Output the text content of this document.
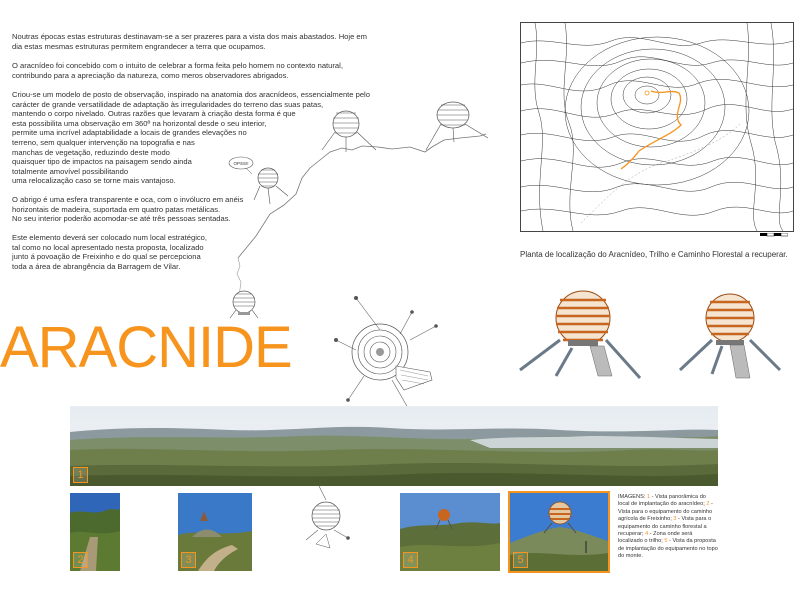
Noutras épocas estas estruturas destinavam-se a ser prazeres para a vista dos mais abastados. Hoje em
dia estas mesmas estruturas permitem engrandecer a terra que ocupamos.
O aracnídeo foi concebido com o intuito de celebrar a forma feita pelo homem no contexto natural,
contribundo para a apreciação da natureza, como meros observadores abrigados.
Criou-se um modelo de posto de observação, inspirado na anatomia dos aracnídeos, essencialmente pelo
carácter de grande versatilidade de adaptação às irregularidades do terreno das suas patas,
mantendo o corpo nivelado. Outras razões que levaram à criação desta forma é que
esta possibilita uma observação em 360º na horizontal desde o seu interior,
permite uma incrível adaptabilidade a locais de grandes elevações no
terreno, sem qualquer intervenção na topografia e nas
manchas de vegetação, reduzindo deste modo
quaisquer tipo de impactos na paisagem sendo ainda
totalmente amovível possibilitando
uma relocalização caso se torne mais vantajoso.
O abrigo é uma esfera transparente e oca, com o invólucro em anéis
horizontais de madeira, suportada em quatro patas metálicas.
No seu interior poderão acomodar-se até três pessoas sentadas.
Este elemento deverá ser colocado num local estratégico,
tal como no local apresentado nesta proposta, localizado
junto á povoação de Freixinho e do qual se percepciona
toda a área de abrangência da Barragem de Vilar.
OPSS!!
ARACNIDE
Planta de localização do Aracnídeo, Trilho e Caminho Florestal a recuperar.
1
2	3	4	5
IMAGENS: 1 - Vista panorâmica do local de implantação do aracnídeo; 2 - Vista para o equipamento do caminho agrícola de Freixinho; 3 - Vista para o equipamento do caminho florestal a recuperar; 4 - Zona onde será localizado o trilho; 5 - Vista da proposta de implantação do equipamento no topo do monte.
